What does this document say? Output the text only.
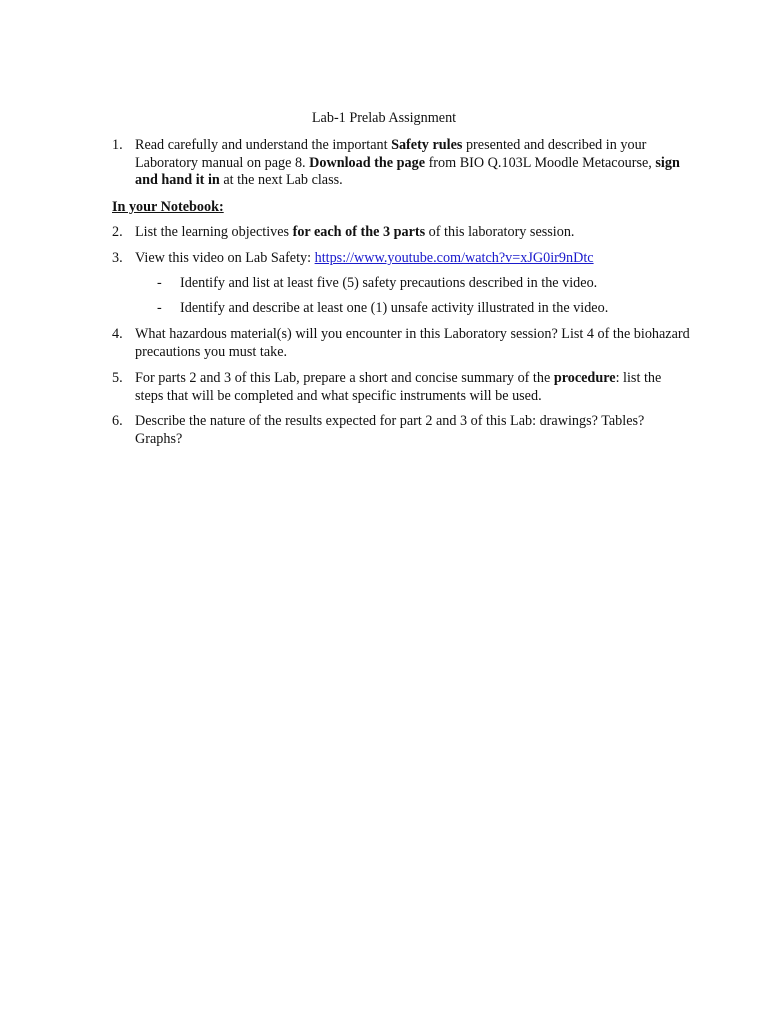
Lab-1 Prelab Assignment
1. Read carefully and understand the important Safety rules presented and described in your Laboratory manual on page 8. Download the page from BIO Q.103L Moodle Metacourse, sign and hand it in at the next Lab class.
In your Notebook:
2. List the learning objectives for each of the 3 parts of this laboratory session.
3. View this video on Lab Safety: https://www.youtube.com/watch?v=xJG0ir9nDtc
- Identify and list at least five (5) safety precautions described in the video.
- Identify and describe at least one (1) unsafe activity illustrated in the video.
4. What hazardous material(s) will you encounter in this Laboratory session? List 4 of the biohazard precautions you must take.
5. For parts 2 and 3 of this Lab, prepare a short and concise summary of the procedure: list the steps that will be completed and what specific instruments will be used.
6. Describe the nature of the results expected for part 2 and 3 of this Lab: drawings? Tables? Graphs?
